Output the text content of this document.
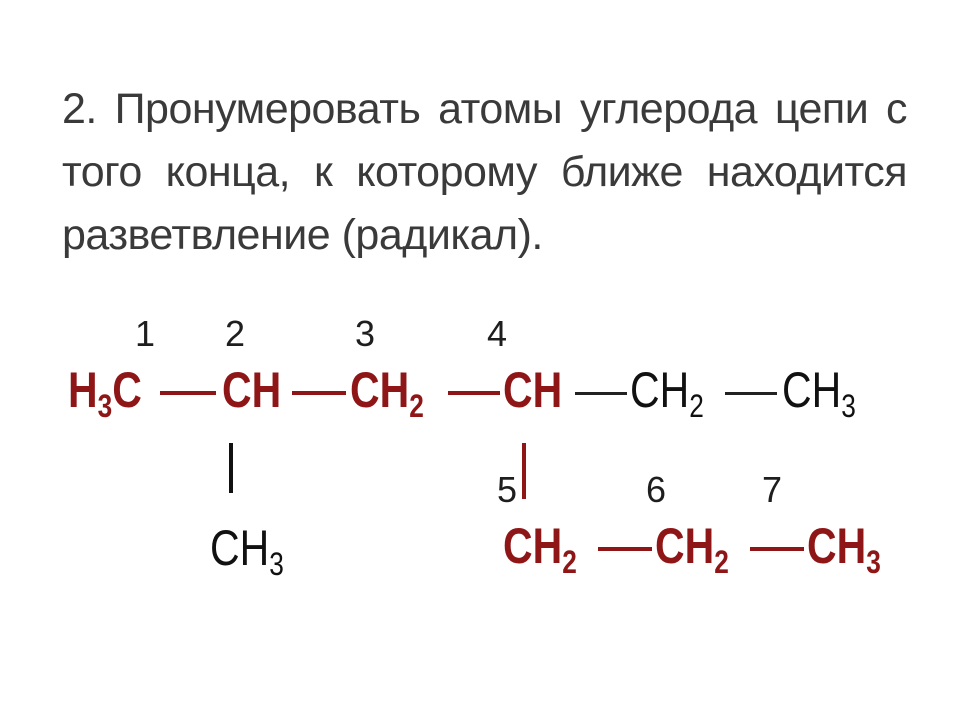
2. Пронумеровать атомы углерода цепи с того конца, к которому ближе находится разветвление (радикал).
1 2	3	4
5	6	7
$H_3C$ CH $CH_2$ CH $CH_2$ $CH_3$
$CH_3$	$CH_2$ $CH_2$ $CH_3$
